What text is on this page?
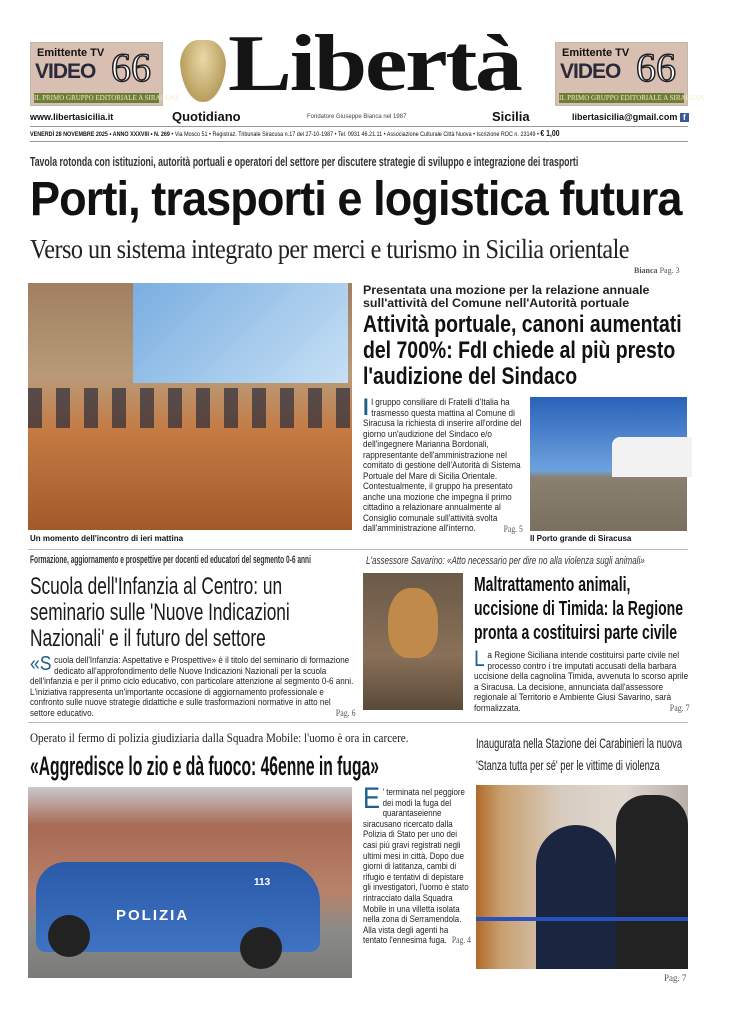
Emittente TV
VIDEO 66
IL PRIMO GRUPPO EDITORIALE A SIRACUSA
Emittente TV
VIDEO 66
IL PRIMO GRUPPO EDITORIALE A SIRACUSA
Libertà
Quotidiano	Fondatore Giuseppe Bianca nel 1987	Sicilia
www.libertasicilia.it	libertasicilia@gmail.com f
VENERDÌ 28 NOVEMBRE 2025 • ANNO XXXVIII • N. 269 • Via Mosco 51 • Registraz. Tribunale Siracusa n.17 del 27-10-1987 • Tel. 0931 46.21.11 • Associazione Culturale Città Nuova • Iscrizione ROC n. 23149 • € 1,00
Tavola rotonda con istituzioni, autorità portuali e operatori del settore per discutere strategie di sviluppo e integrazione dei trasporti
Porti, trasporti e logistica futura
Verso un sistema integrato per merci e turismo in Sicilia orientale
Bianca Pag. 3
Un momento dell'incontro di ieri mattina
Presentata una mozione per la relazione annuale sull'attività del Comune nell'Autorità portuale
Attività portuale, canoni aumentati del 700%: FdI chiede al più presto l'audizione del Sindaco
Il gruppo consiliare di Fratelli d'Italia ha trasmesso questa mattina al Comune di Siracusa la richiesta di inserire all'ordine del giorno un'audizione del Sindaco e/o dell'ingegnere Marianna Bordonali, rappresentante dell'amministrazione nel comitato di gestione dell'Autorità di Sistema Portuale del Mare di Sicilia Orientale. Contestualmente, il gruppo ha presentato anche una mozione che impegna il primo cittadino a relazionare annualmente al Consiglio comunale sull'attività svolta dall'amministrazione all'interno.	Pag. 5
Il Porto grande di Siracusa
Formazione, aggiornamento e prospettive per docenti ed educatori del segmento 0-6 anni
Scuola dell'Infanzia al Centro: un seminario sulle 'Nuove Indicazioni Nazionali' e il futuro del settore
«Scuola dell'Infanzia: Aspettative e Prospettive» è il titolo del seminario di formazione dedicato all'approfondimento delle Nuove Indicazioni Nazionali per la scuola dell'infanzia e per il primo ciclo educativo, con particolare attenzione al segmento 0-6 anni. L'iniziativa rappresenta un'importante occasione di aggiornamento professionale e confronto sulle nuove strategie didattiche e sulle trasformazioni normative in atto nel settore educativo.	Pag. 6
L'assessore Savarino: «Atto necessario per dire no alla violenza sugli animali»
Maltrattamento animali, uccisione di Timida: la Regione pronta a costituirsi parte civile
La Regione Siciliana intende costituirsi parte civile nel processo contro i tre imputati accusati della barbara uccisione della cagnolina Timida, avvenuta lo scorso aprile a Siracusa. La decisione, annunciata dall'assessore regionale al Territorio e Ambiente Giusi Savarino, sarà formalizzata.	Pag. 7
Operato il fermo di polizia giudiziaria dalla Squadra Mobile: l'uomo è ora in carcere.
«Aggredisce lo zio e dà fuoco: 46enne in fuga»
POLIZIA
113
E ' terminata nel peggiore dei modi la fuga del quarantaseienne siracusano ricercato dalla Polizia di Stato per uno dei casi più gravi registrati negli ultimi mesi in città. Dopo due giorni di latitanza, cambi di rifugio e tentativi di depistare gli investigatori, l'uomo è stato rintracciato dalla Squadra Mobile in una villetta isolata nella zona di Serramendola. Alla vista degli agenti ha tentato l'ennesima fuga. Pag. 4
Inaugurata nella Stazione dei Carabinieri la nuova 'Stanza tutta per sé' per le vittime di violenza
Pag. 7
